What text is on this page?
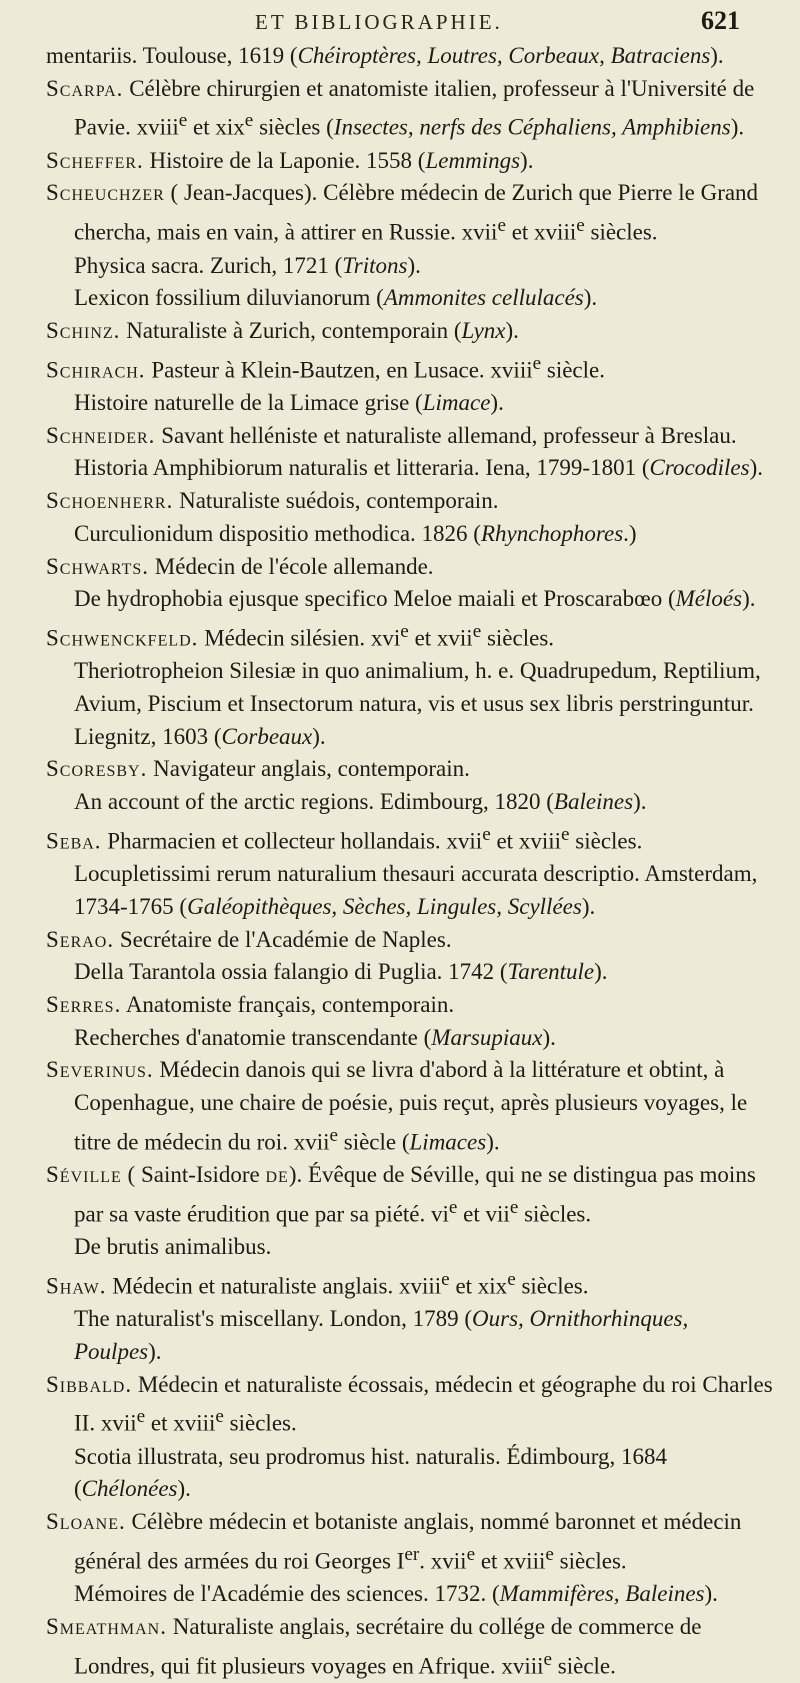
ET BIBLIOGRAPHIE.	621

mentariis. Toulouse, 1619 (Chéiroptères, Loutres, Corbeaux, Batraciens).

Scarpa. Célèbre chirurgien et anatomiste italien, professeur à l'Université de Pavie. xviii$^e$ et xix$^e$ siècles (Insectes, nerfs des Céphaliens, Amphibiens).

Scheffer. Histoire de la Laponie. 1558 (Lemmings).

Scheuchzer ( Jean-Jacques). Célèbre médecin de Zurich que Pierre le Grand chercha, mais en vain, à attirer en Russie. xvii$^e$ et xviii$^e$ siècles.

Physica sacra. Zurich, 1721 (Tritons).

Lexicon fossilium diluvianorum (Ammonites cellulacés).

Schinz. Naturaliste à Zurich, contemporain (Lynx).

Schirach. Pasteur à Klein-Bautzen, en Lusace. xviii$^e$ siècle.

Histoire naturelle de la Limace grise (Limace).

Schneider. Savant helléniste et naturaliste allemand, professeur à Breslau.

Historia Amphibiorum naturalis et litteraria. Iena, 1799-1801 (Crocodiles).

Schoenherr. Naturaliste suédois, contemporain.

Curculionidum dispositio methodica. 1826 (Rhynchophores.)

Schwarts. Médecin de l'école allemande.

De hydrophobia ejusque specifico Meloe maiali et Proscarabœo (Méloés).

Schwenckfeld. Médecin silésien. xvi$^e$ et xvii$^e$ siècles.

Theriotropheion Silesiæ in quo animalium, h. e. Quadrupedum, Reptilium, Avium, Piscium et Insectorum natura, vis et usus sex libris perstringuntur. Liegnitz, 1603 (Corbeaux).

Scoresby. Navigateur anglais, contemporain.

An account of the arctic regions. Edimbourg, 1820 (Baleines).

Seba. Pharmacien et collecteur hollandais. xvii$^e$ et xviii$^e$ siècles.

Locupletissimi rerum naturalium thesauri accurata descriptio. Amsterdam, 1734-1765 (Galéopithèques, Sèches, Lingules, Scyllées).

Serao. Secrétaire de l'Académie de Naples.

Della Tarantola ossia falangio di Puglia. 1742 (Tarentule).

Serres. Anatomiste français, contemporain.

Recherches d'anatomie transcendante (Marsupiaux).

Severinus. Médecin danois qui se livra d'abord à la littérature et obtint, à Copenhague, une chaire de poésie, puis reçut, après plusieurs voyages, le titre de médecin du roi. xvii$^e$ siècle (Limaces).

Séville ( Saint-Isidore de). Évêque de Séville, qui ne se distingua pas moins par sa vaste érudition que par sa piété. $vi^e$ et vii$^e$ siècles.

De brutis animalibus.

Shaw. Médecin et naturaliste anglais. xviii$^e$ et xix$^e$ siècles.

The naturalist's miscellany. London, 1789 (Ours, Ornithorhinques, Poulpes).

Sibbald. Médecin et naturaliste écossais, médecin et géographe du roi Charles II. xvii$^e$ et xviii$^e$ siècles.

Scotia illustrata, seu prodromus hist. naturalis. Édimbourg, 1684 (Chélonées).

Sloane. Célèbre médecin et botaniste anglais, nommé baronnet et médecin général des armées du roi Georges Ier. xvii$^e$ et xviii$^e$ siècles.

Mémoires de l'Académie des sciences. 1732. (Mammifères, Baleines).

Smeathman. Naturaliste anglais, secrétaire du collége de commerce de Londres, qui fit plusieurs voyages en Afrique. xviii$^e$ siècle.
